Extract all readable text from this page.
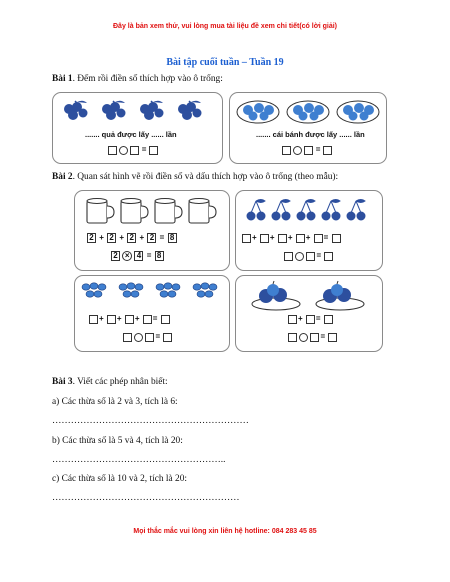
Đây là bản xem thử, vui lòng mua tài liệu đề xem chi tiết(có lời giải)
Bài tập cuối tuần – Tuần 19
Bài 1. Đếm rồi điền số thích hợp vào ô trống:
....... quả được lấy ...... lần
=
....... cái bánh được lấy ...... lần
=
Bài 2. Quan sát hình vẽ rồi điền số và dấu thích hợp vào ô trống (theo mẫu):
2 + 2 + 2 + 2 = 8
2 × 4 = 8
+ + + + =
=
+ + + =
=
+ =
=
Bài 3. Viết các phép nhân biết:
a) Các thừa số là 2 và 3, tích là 6:
………………………………………………………
b) Các thừa số là 5 và 4, tích là 20:
………………………………………………..
c) Các thừa số là 10 và 2, tích là 20:
……………………………………………………
Mọi thắc mắc vui lòng xin liên hệ hotline: 084 283 45 85
